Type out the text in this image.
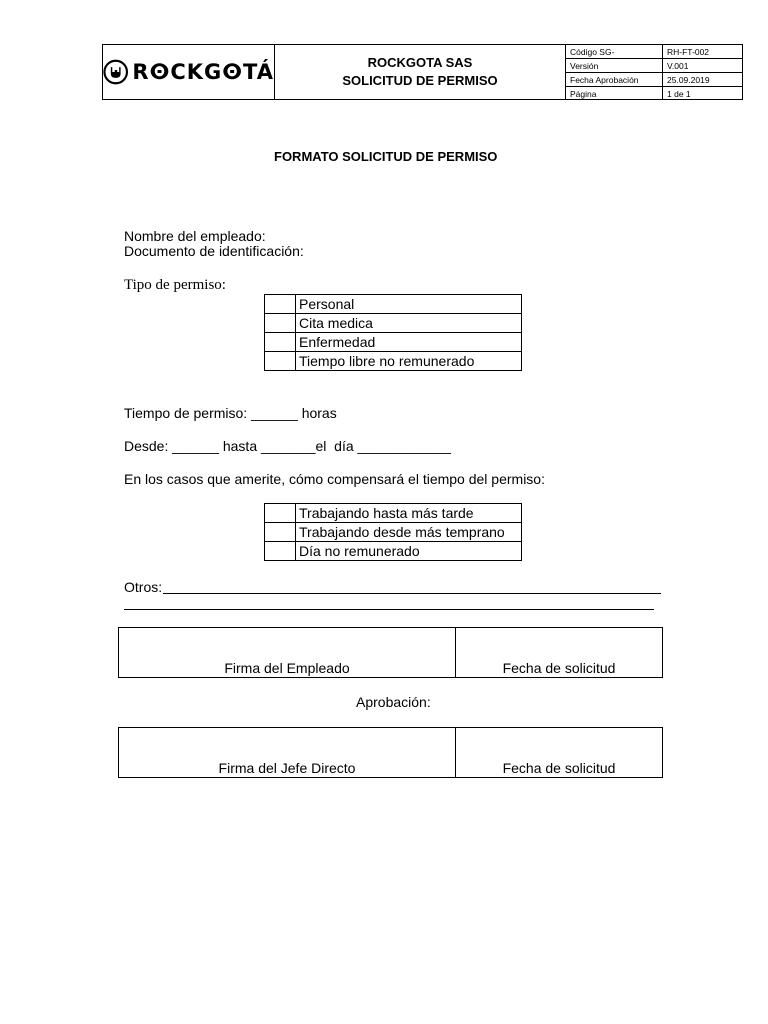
RⵙCKGⵙTÁ	ROCKGOTA SAS
SOLICITUD DE PERMISO
Código SG-	RH-FT-002
Versión	V.001
Fecha Aprobación	25.09.2019
Página	1 de 1
FORMATO SOLICITUD DE PERMISO
Nombre del empleado:
Documento de identificación:
Tipo de permiso:
	Personal
	Cita medica
	Enfermedad
	Tiempo libre no remunerado
Tiempo de permiso: ______ horas
Desde: ______ hasta _______el  día ____________
En los casos que amerite, cómo compensará el tiempo del permiso:
	Trabajando hasta más tarde
	Trabajando desde más temprano
	Día no remunerado
Otros:
Firma del Empleado	Fecha de solicitud
Aprobación:
Firma del Jefe Directo	Fecha de solicitud
